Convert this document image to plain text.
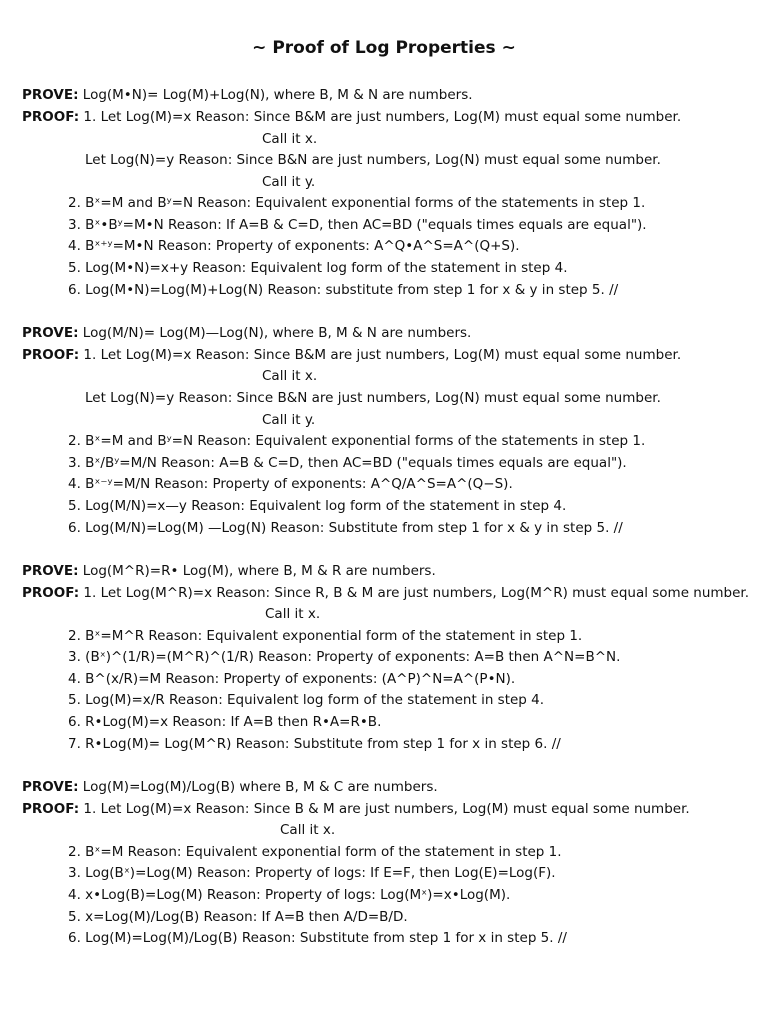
~ Proof of Log Properties ~
PROVE: Log(M•N)= Log(M)+Log(N), where B, M & N are numbers.
PROOF: 1. Let Log(M)=x Reason: Since B&M are just numbers, Log(M) must equal some number.
Call it x.
Let Log(N)=y Reason: Since B&N are just numbers, Log(N) must equal some number.
Call it y.
2. Bˣ=M and Bʸ=N Reason: Equivalent exponential forms of the statements in step 1.
3. Bˣ•Bʸ=M•N Reason: If A=B & C=D, then AC=BD ("equals times equals are equal").
4. Bˣ⁺ʸ=M•N Reason: Property of exponents: A^Q•A^S=A^(Q+S).
5. Log(M•N)=x+y Reason: Equivalent log form of the statement in step 4.
6. Log(M•N)=Log(M)+Log(N) Reason: substitute from step 1 for x & y in step 5. //
PROVE: Log(M/N)= Log(M)—Log(N), where B, M & N are numbers.
PROOF: 1. Let Log(M)=x Reason: Since B&M are just numbers, Log(M) must equal some number.
Call it x.
Let Log(N)=y Reason: Since B&N are just numbers, Log(N) must equal some number.
Call it y.
2. Bˣ=M and Bʸ=N Reason: Equivalent exponential forms of the statements in step 1.
3. Bˣ/Bʸ=M/N Reason: A=B & C=D, then AC=BD ("equals times equals are equal").
4. Bˣ⁻ʸ=M/N Reason: Property of exponents: A^Q/A^S=A^(Q−S).
5. Log(M/N)=x—y Reason: Equivalent log form of the statement in step 4.
6. Log(M/N)=Log(M) —Log(N) Reason: Substitute from step 1 for x & y in step 5. //
PROVE: Log(M^R)=R• Log(M), where B, M & R are numbers.
PROOF: 1. Let Log(M^R)=x Reason: Since R, B & M are just numbers, Log(M^R) must equal some number.
Call it x.
2. Bˣ=M^R Reason: Equivalent exponential form of the statement in step 1.
3. (Bˣ)^(1/R)=(M^R)^(1/R) Reason: Property of exponents: A=B then A^N=B^N.
4. B^(x/R)=M Reason: Property of exponents: (A^P)^N=A^(P•N).
5. Log(M)=x/R Reason: Equivalent log form of the statement in step 4.
6. R•Log(M)=x Reason: If A=B then R•A=R•B.
7. R•Log(M)= Log(M^R) Reason: Substitute from step 1 for x in step 6. //
PROVE: Log(M)=Log(M)/Log(B) where B, M & C are numbers.
PROOF: 1. Let Log(M)=x Reason: Since B & M are just numbers, Log(M) must equal some number.
Call it x.
2. Bˣ=M Reason: Equivalent exponential form of the statement in step 1.
3. Log(Bˣ)=Log(M) Reason: Property of logs: If E=F, then Log(E)=Log(F).
4. x•Log(B)=Log(M) Reason: Property of logs: Log(Mˣ)=x•Log(M).
5. x=Log(M)/Log(B) Reason: If A=B then A/D=B/D.
6. Log(M)=Log(M)/Log(B) Reason: Substitute from step 1 for x in step 5. //
